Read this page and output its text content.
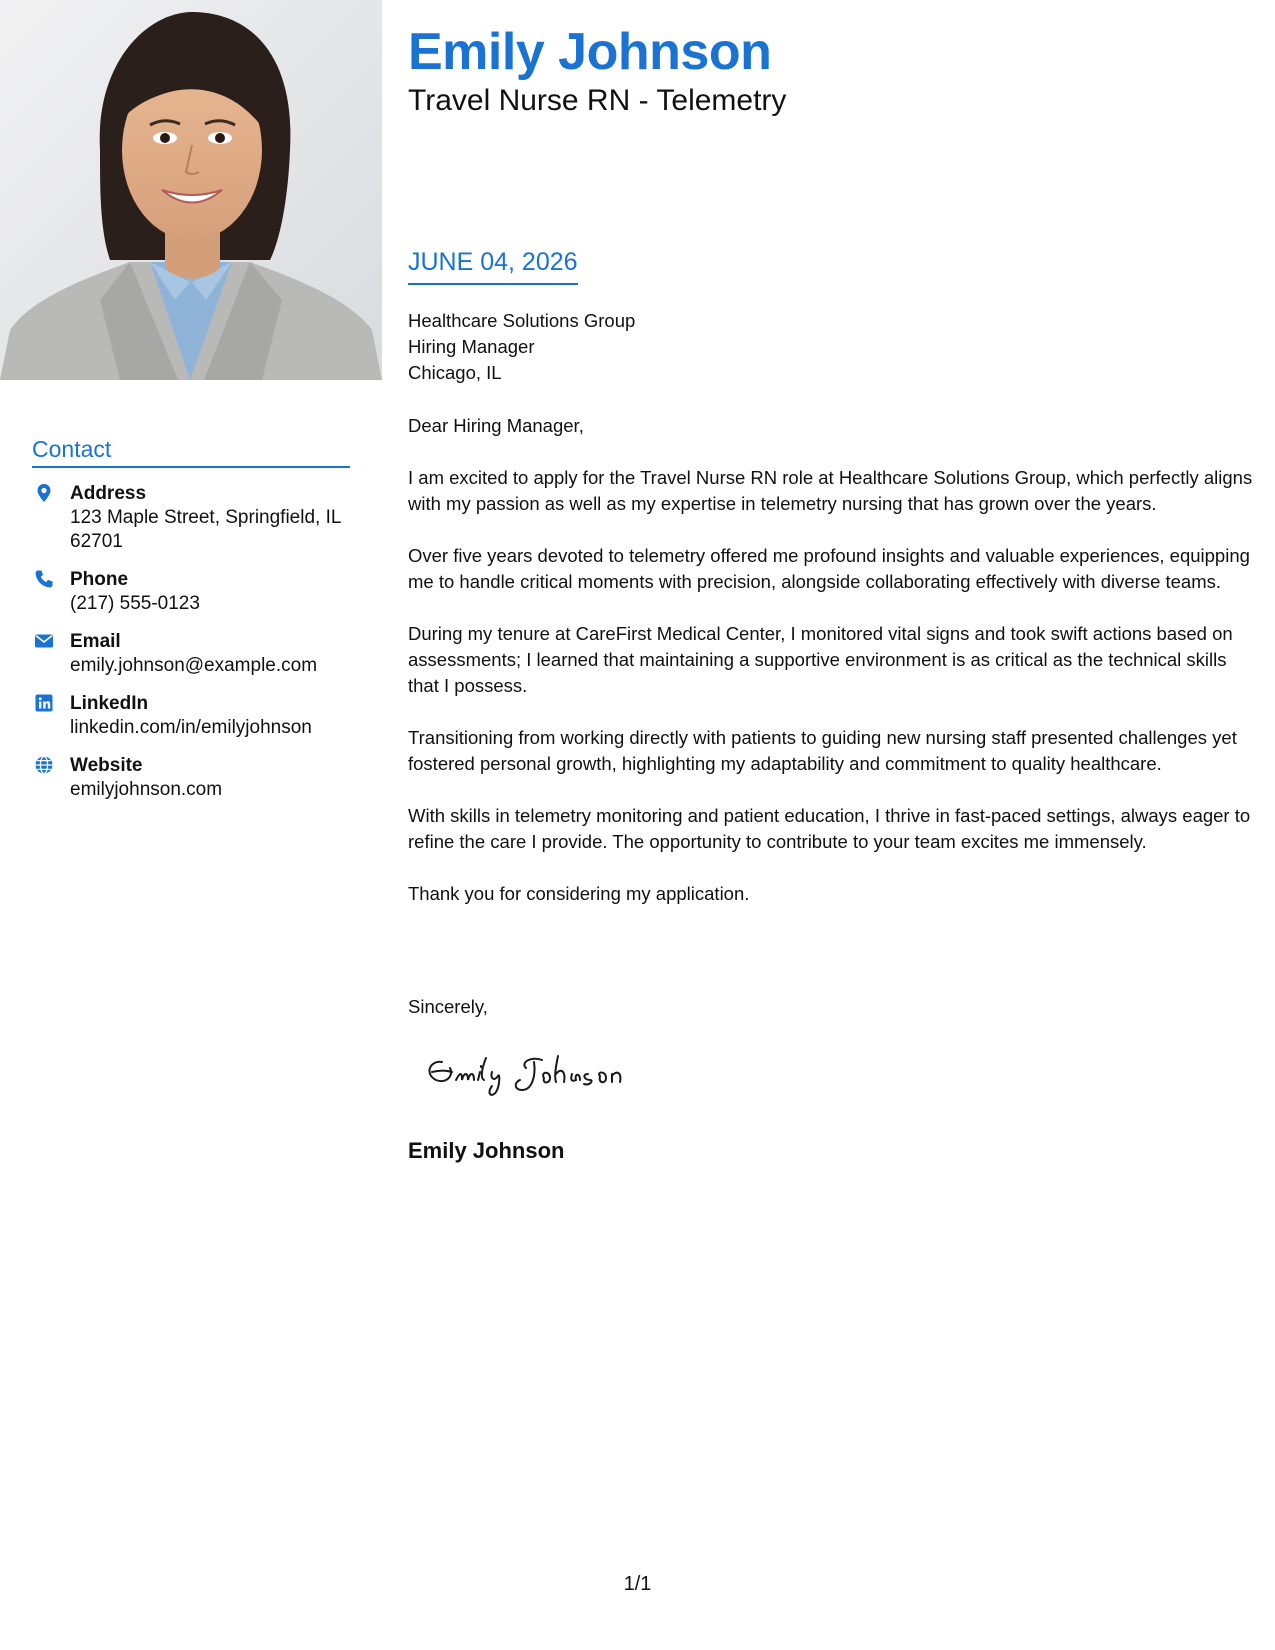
Emily Johnson
Travel Nurse RN - Telemetry
Contact
Address
123 Maple Street, Springfield, IL 62701
Phone
(217) 555-0123
Email
emily.johnson@example.com
LinkedIn
linkedin.com/in/emilyjohnson
Website
emilyjohnson.com
JUNE 04, 2026
Healthcare Solutions Group
Hiring Manager
Chicago, IL

Dear Hiring Manager,

I am excited to apply for the Travel Nurse RN role at Healthcare Solutions Group, which perfectly aligns with my passion as well as my expertise in telemetry nursing that has grown over the years.

Over five years devoted to telemetry offered me profound insights and valuable experiences, equipping me to handle critical moments with precision, alongside collaborating effectively with diverse teams.

During my tenure at CareFirst Medical Center, I monitored vital signs and took swift actions based on assessments; I learned that maintaining a supportive environment is as critical as the technical skills that I possess.

Transitioning from working directly with patients to guiding new nursing staff presented challenges yet fostered personal growth, highlighting my adaptability and commitment to quality healthcare.

With skills in telemetry monitoring and patient education, I thrive in fast-paced settings, always eager to refine the care I provide. The opportunity to contribute to your team excites me immensely.

Thank you for considering my application.

Sincerely,
Emily Johnson
1/1
